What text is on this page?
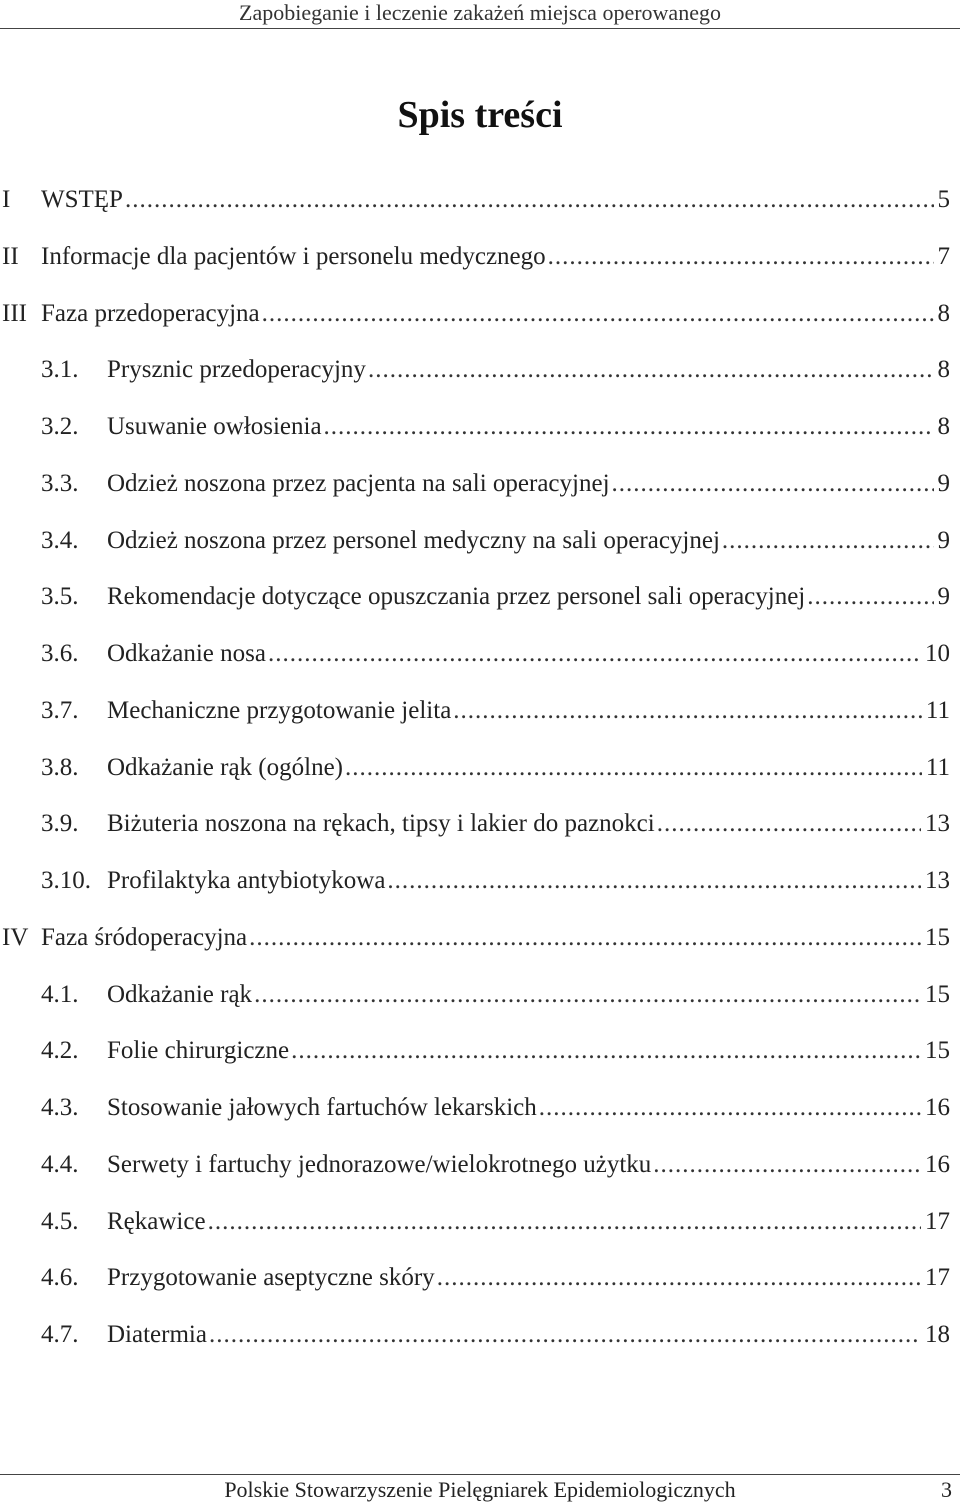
Zapobieganie i leczenie zakażeń miejsca operowanego
Spis treści
I WSTĘP .....	5
II Informacje dla pacjentów i personelu medycznego .....	7
III Faza przedoperacyjna .....	8
3.1. Prysznic przedoperacyjny .....	8
3.2. Usuwanie owłosienia .....	8
3.3. Odzież noszona przez pacjenta na sali operacyjnej .....	9
3.4. Odzież noszona przez personel medyczny na sali operacyjnej .....	9
3.5. Rekomendacje dotyczące opuszczania przez personel sali operacyjnej .....	9
3.6. Odkażanie nosa .....	10
3.7. Mechaniczne przygotowanie jelita .....	11
3.8. Odkażanie rąk (ogólne) .....	11
3.9. Biżuteria noszona na rękach, tipsy i lakier do paznokci .....	13
3.10. Profilaktyka antybiotykowa .....	13
IV Faza śródoperacyjna .....	15
4.1. Odkażanie rąk .....	15
4.2. Folie chirurgiczne .....	15
4.3. Stosowanie jałowych fartuchów lekarskich .....	16
4.4. Serwety i fartuchy jednorazowe/wielokrotnego użytku .....	16
4.5. Rękawice .....	17
4.6. Przygotowanie aseptyczne skóry .....	17
4.7. Diatermia .....	18
Polskie Stowarzyszenie Pielęgniarek Epidemiologicznych	3
